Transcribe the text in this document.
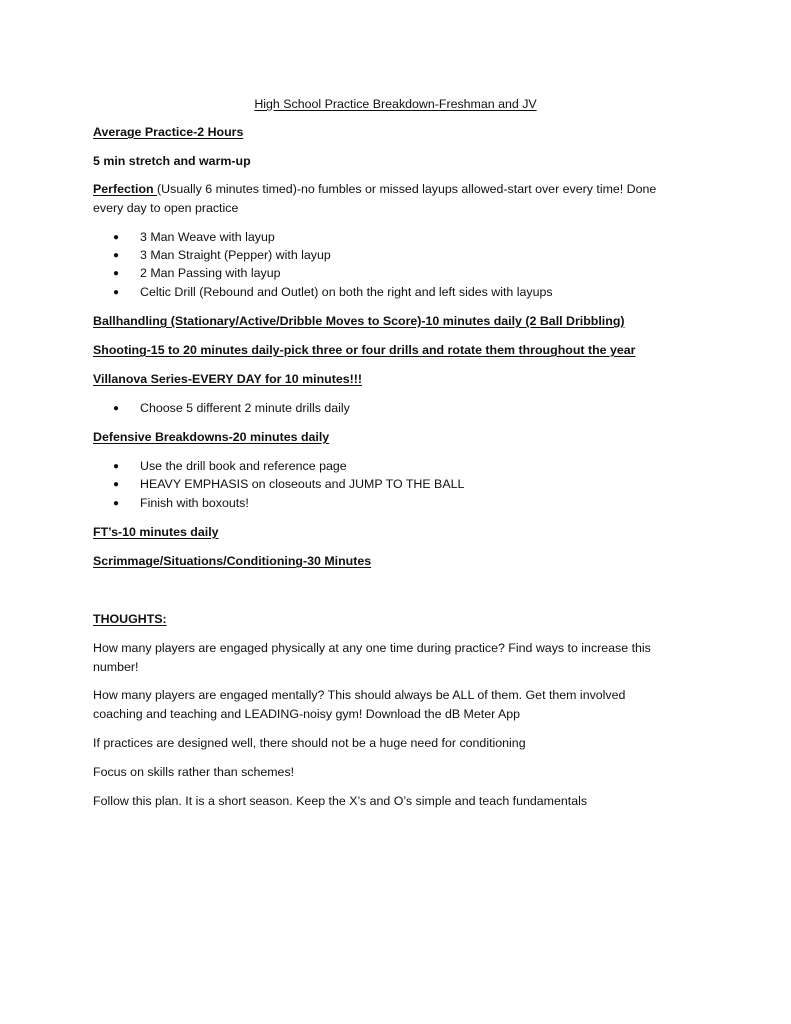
High School Practice Breakdown-Freshman and JV
Average Practice-2 Hours
5 min stretch and warm-up
Perfection (Usually 6 minutes timed)-no fumbles or missed layups allowed-start over every time! Done
every day to open practice
● 3 Man Weave with layup
● 3 Man Straight (Pepper) with layup
● 2 Man Passing with layup
● Celtic Drill (Rebound and Outlet) on both the right and left sides with layups
Ballhandling (Stationary/Active/Dribble Moves to Score)-10 minutes daily (2 Ball Dribbling)
Shooting-15 to 20 minutes daily-pick three or four drills and rotate them throughout the year
Villanova Series-EVERY DAY for 10 minutes!!!
● Choose 5 different 2 minute drills daily
Defensive Breakdowns-20 minutes daily
● Use the drill book and reference page
● HEAVY EMPHASIS on closeouts and JUMP TO THE BALL
● Finish with boxouts!
FT’s-10 minutes daily
Scrimmage/Situations/Conditioning-30 Minutes
THOUGHTS:
How many players are engaged physically at any one time during practice? Find ways to increase this
number!
How many players are engaged mentally? This should always be ALL of them. Get them involved
coaching and teaching and LEADING-noisy gym! Download the dB Meter App
If practices are designed well, there should not be a huge need for conditioning
Focus on skills rather than schemes!
Follow this plan. It is a short season. Keep the X’s and O’s simple and teach fundamentals
